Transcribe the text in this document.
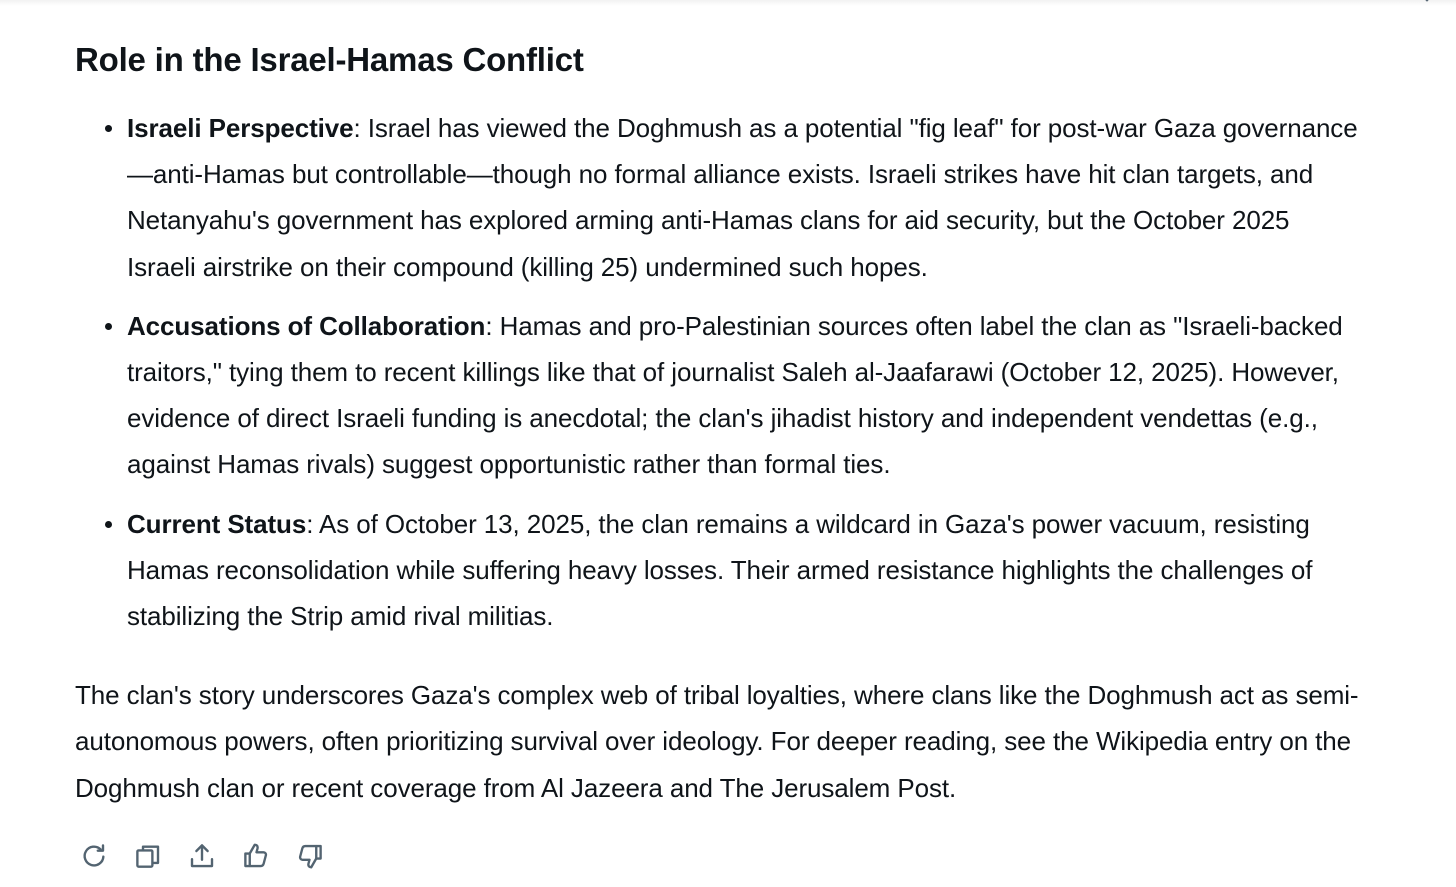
Role in the Israel-Hamas Conflict
Israeli Perspective: Israel has viewed the Doghmush as a potential "fig leaf" for post-war Gaza governance—anti-Hamas but controllable—though no formal alliance exists. Israeli strikes have hit clan targets, and Netanyahu's government has explored arming anti-Hamas clans for aid security, but the October 2025 Israeli airstrike on their compound (killing 25) undermined such hopes.
Accusations of Collaboration: Hamas and pro-Palestinian sources often label the clan as "Israeli-backed traitors," tying them to recent killings like that of journalist Saleh al-Jaafarawi (October 12, 2025). However, evidence of direct Israeli funding is anecdotal; the clan's jihadist history and independent vendettas (e.g., against Hamas rivals) suggest opportunistic rather than formal ties.
Current Status: As of October 13, 2025, the clan remains a wildcard in Gaza's power vacuum, resisting Hamas reconsolidation while suffering heavy losses. Their armed resistance highlights the challenges of stabilizing the Strip amid rival militias.

The clan's story underscores Gaza's complex web of tribal loyalties, where clans like the Doghmush act as semi-autonomous powers, often prioritizing survival over ideology. For deeper reading, see the Wikipedia entry on the Doghmush clan or recent coverage from Al Jazeera and The Jerusalem Post.
